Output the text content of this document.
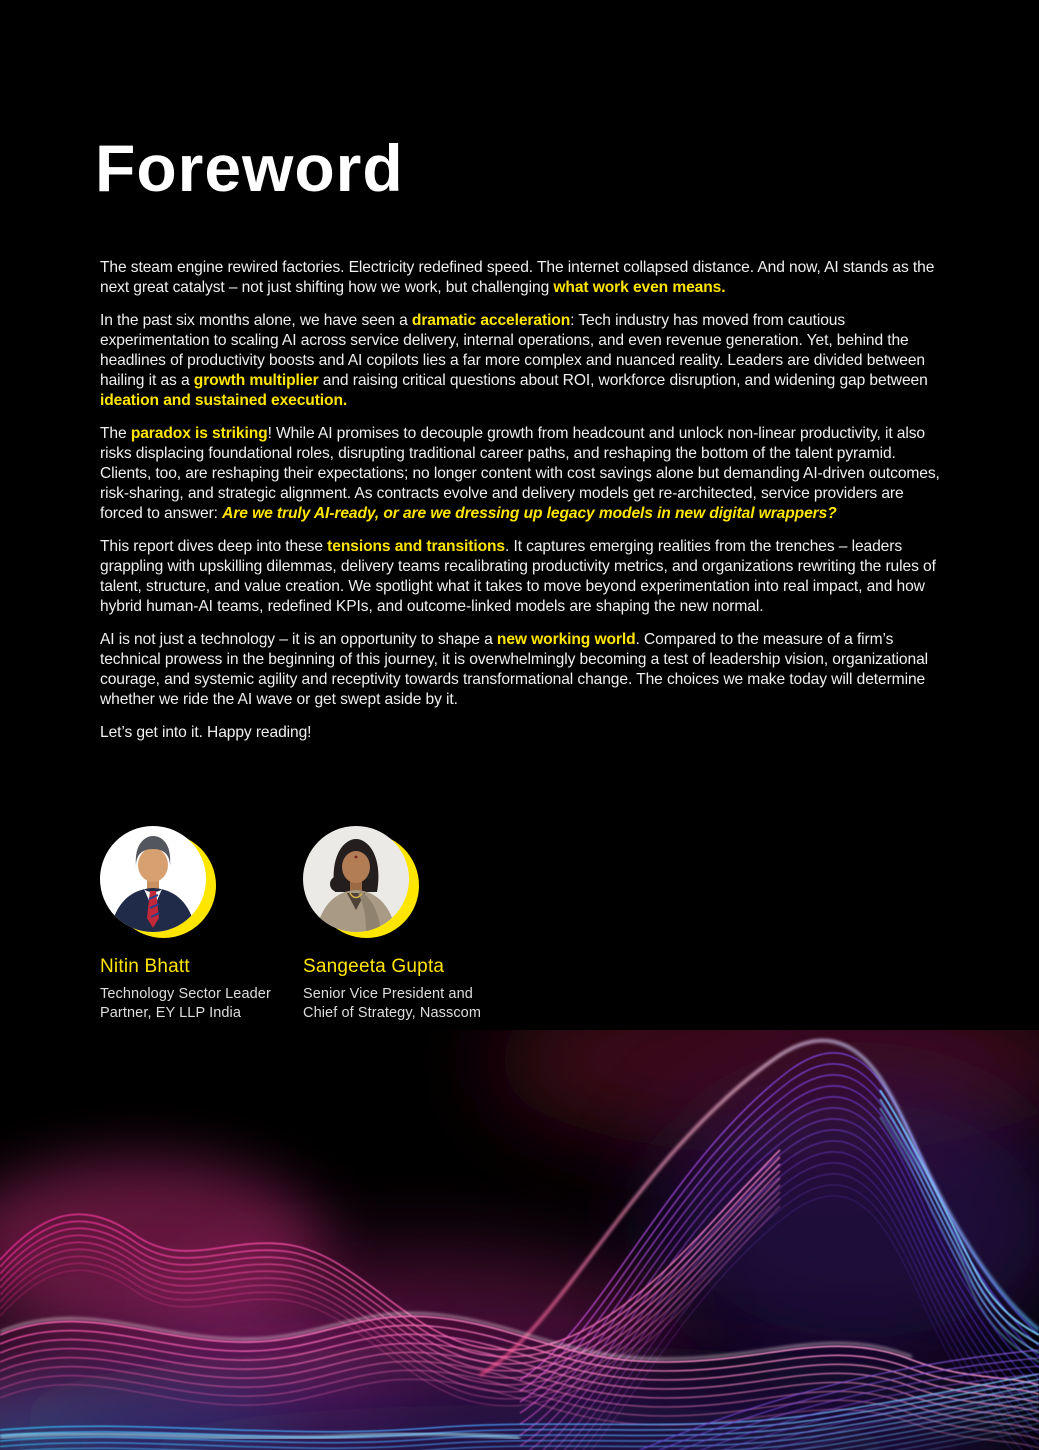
Foreword

The steam engine rewired factories. Electricity redefined speed. The internet collapsed distance. And now, AI stands as the next great catalyst – not just shifting how we work, but challenging what work even means.

In the past six months alone, we have seen a dramatic acceleration: Tech industry has moved from cautious experimentation to scaling AI across service delivery, internal operations, and even revenue generation. Yet, behind the headlines of productivity boosts and AI copilots lies a far more complex and nuanced reality. Leaders are divided between hailing it as a growth multiplier and raising critical questions about ROI, workforce disruption, and widening gap between ideation and sustained execution.

The paradox is striking! While AI promises to decouple growth from headcount and unlock non-linear productivity, it also risks displacing foundational roles, disrupting traditional career paths, and reshaping the bottom of the talent pyramid. Clients, too, are reshaping their expectations; no longer content with cost savings alone but demanding AI-driven outcomes, risk-sharing, and strategic alignment. As contracts evolve and delivery models get re-architected, service providers are forced to answer: Are we truly AI-ready, or are we dressing up legacy models in new digital wrappers?

This report dives deep into these tensions and transitions. It captures emerging realities from the trenches – leaders grappling with upskilling dilemmas, delivery teams recalibrating productivity metrics, and organizations rewriting the rules of talent, structure, and value creation. We spotlight what it takes to move beyond experimentation into real impact, and how hybrid human-AI teams, redefined KPIs, and outcome-linked models are shaping the new normal.

AI is not just a technology – it is an opportunity to shape a new working world. Compared to the measure of a firm’s technical prowess in the beginning of this journey, it is overwhelmingly becoming a test of leadership vision, organizational courage, and systemic agility and receptivity towards transformational change. The choices we make today will determine whether we ride the AI wave or get swept aside by it.

Let’s get into it. Happy reading!

Nitin Bhatt
Technology Sector Leader
Partner, EY LLP India
Sangeeta Gupta
Senior Vice President and
Chief of Strategy, Nasscom
